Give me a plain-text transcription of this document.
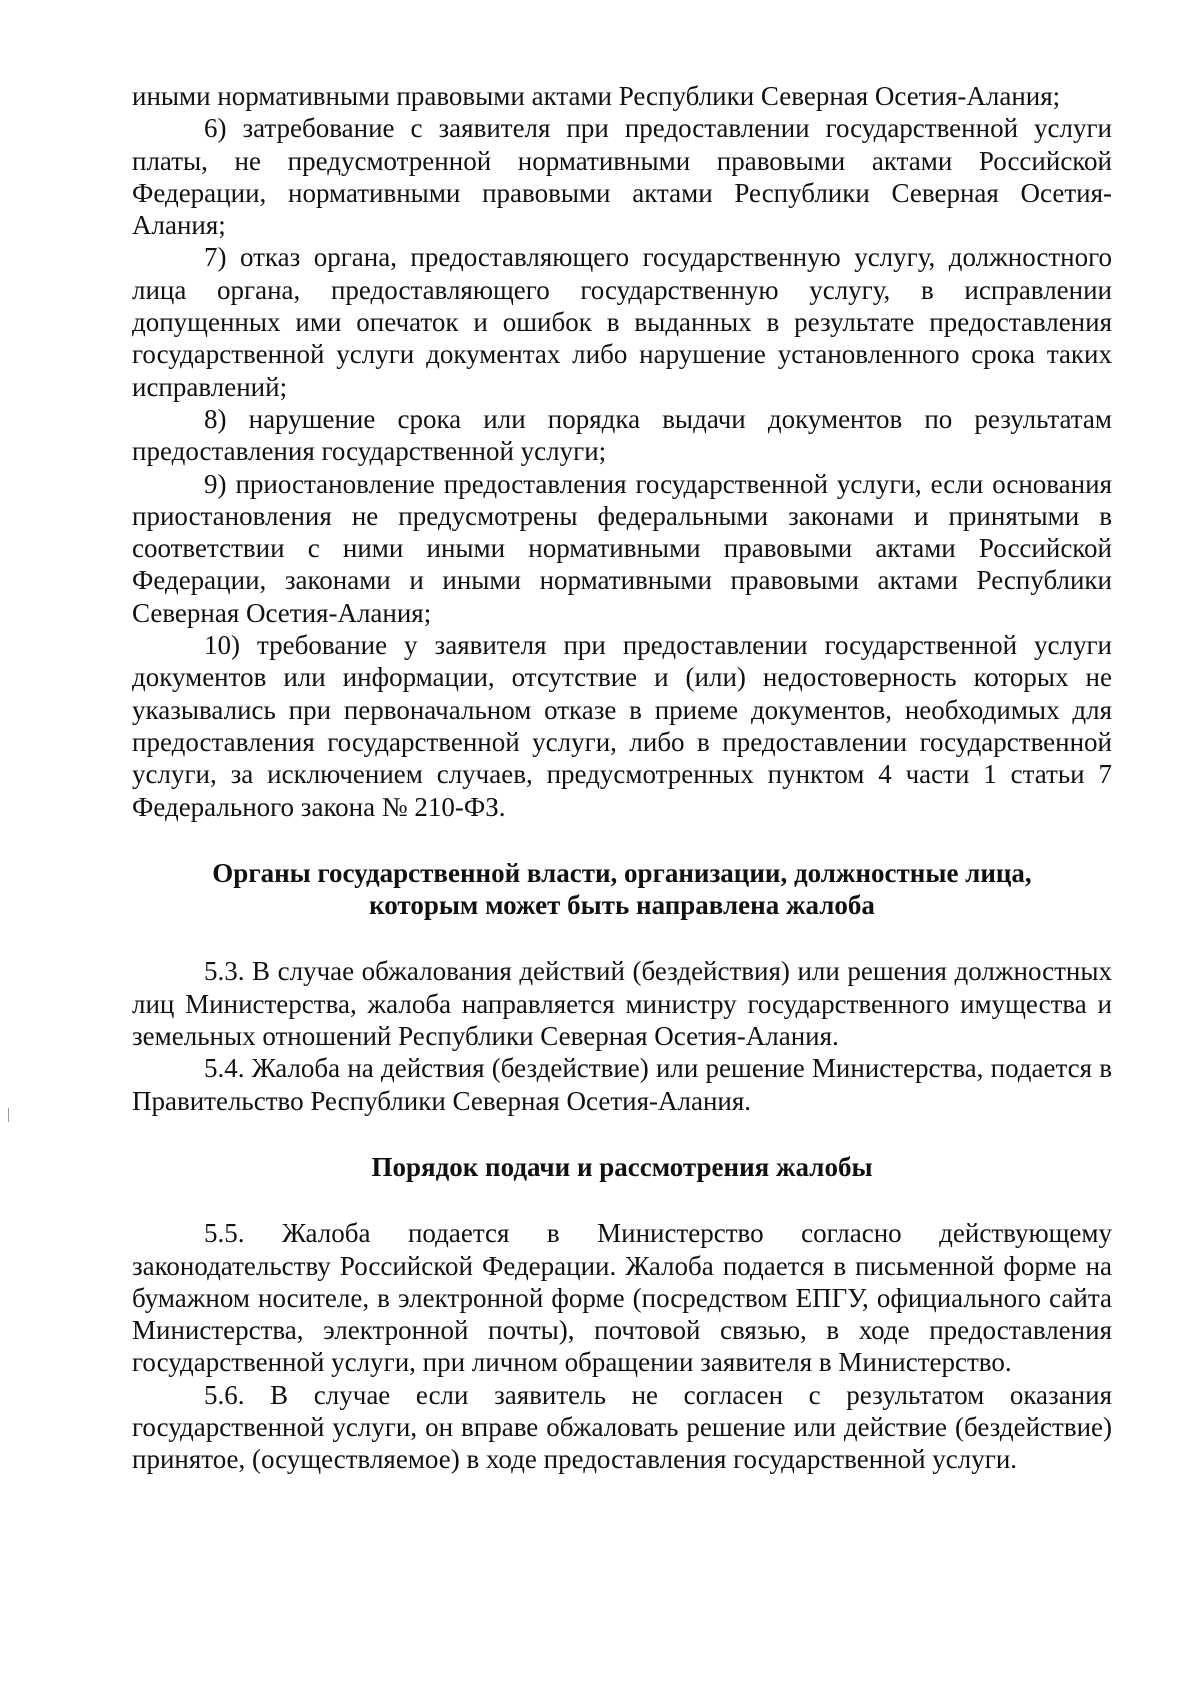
иными нормативными правовыми актами Республики Северная Осетия-Алания;

6) затребование с заявителя при предоставлении государственной услуги платы, не предусмотренной нормативными правовыми актами Российской Федерации, нормативными правовыми актами Республики Северная Осетия-Алания;

7) отказ органа, предоставляющего государственную услугу, должностного лица органа, предоставляющего государственную услугу, в исправлении допущенных ими опечаток и ошибок в выданных в результате предоставления государственной услуги документах либо нарушение установленного срока таких исправлений;

8) нарушение срока или порядка выдачи документов по результатам предоставления государственной услуги;

9) приостановление предоставления государственной услуги, если основания приостановления не предусмотрены федеральными законами и принятыми в соответствии с ними иными нормативными правовыми актами Российской Федерации, законами и иными нормативными правовыми актами Республики Северная Осетия-Алания;

10) требование у заявителя при предоставлении государственной услуги документов или информации, отсутствие и (или) недостоверность которых не указывались при первоначальном отказе в приеме документов, необходимых для предоставления государственной услуги, либо в предоставлении государственной услуги, за исключением случаев, предусмотренных пунктом 4 части 1 статьи 7 Федерального закона № 210-ФЗ.

Органы государственной власти, организации, должностные лица,
которым может быть направлена жалоба

5.3. В случае обжалования действий (бездействия) или решения должностных лиц Министерства, жалоба направляется министру государственного имущества и земельных отношений Республики Северная Осетия-Алания.

5.4. Жалоба на действия (бездействие) или решение Министерства, подается в Правительство Республики Северная Осетия-Алания.

Порядок подачи и рассмотрения жалобы

5.5. Жалоба подается в Министерство согласно действующему законодательству Российской Федерации. Жалоба подается в письменной форме на бумажном носителе, в электронной форме (посредством ЕПГУ, официального сайта Министерства, электронной почты), почтовой связью, в ходе предоставления государственной услуги, при личном обращении заявителя в Министерство.

5.6. В случае если заявитель не согласен с результатом оказания государственной услуги, он вправе обжаловать решение или действие (бездействие) принятое, (осуществляемое) в ходе предоставления государственной услуги.
